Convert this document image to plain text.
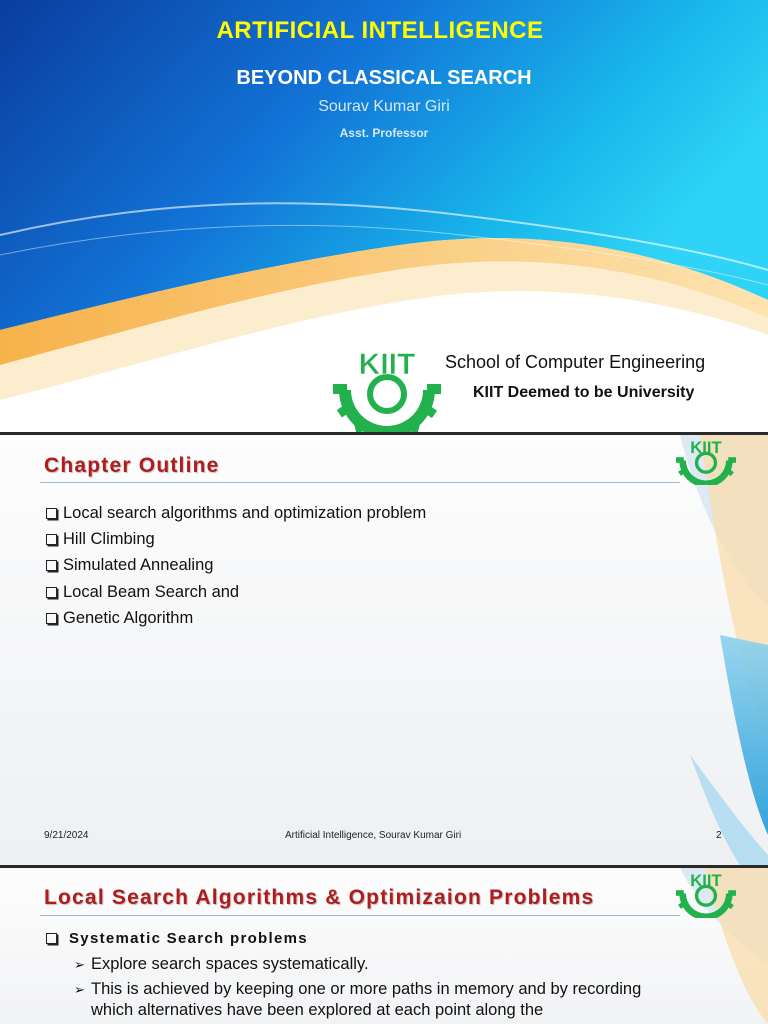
ARTIFICIAL INTELLIGENCE
BEYOND CLASSICAL SEARCH
Sourav Kumar Giri
Asst. Professor
KIIT School of Computer Engineering
KIIT Deemed to be University
Chapter Outline
KIIT
Local search algorithms and optimization problem
Hill Climbing
Simulated Annealing
Local Beam Search and
Genetic Algorithm
9/21/2024	Artificial Intelligence, Sourav Kumar Giri	2
Local Search Algorithms & Optimizaion Problems
KIIT
Systematic Search problems
➢ Explore search spaces systematically.
➢ This is achieved by keeping one or more paths in memory and by recording which alternatives have been explored at each point along the
